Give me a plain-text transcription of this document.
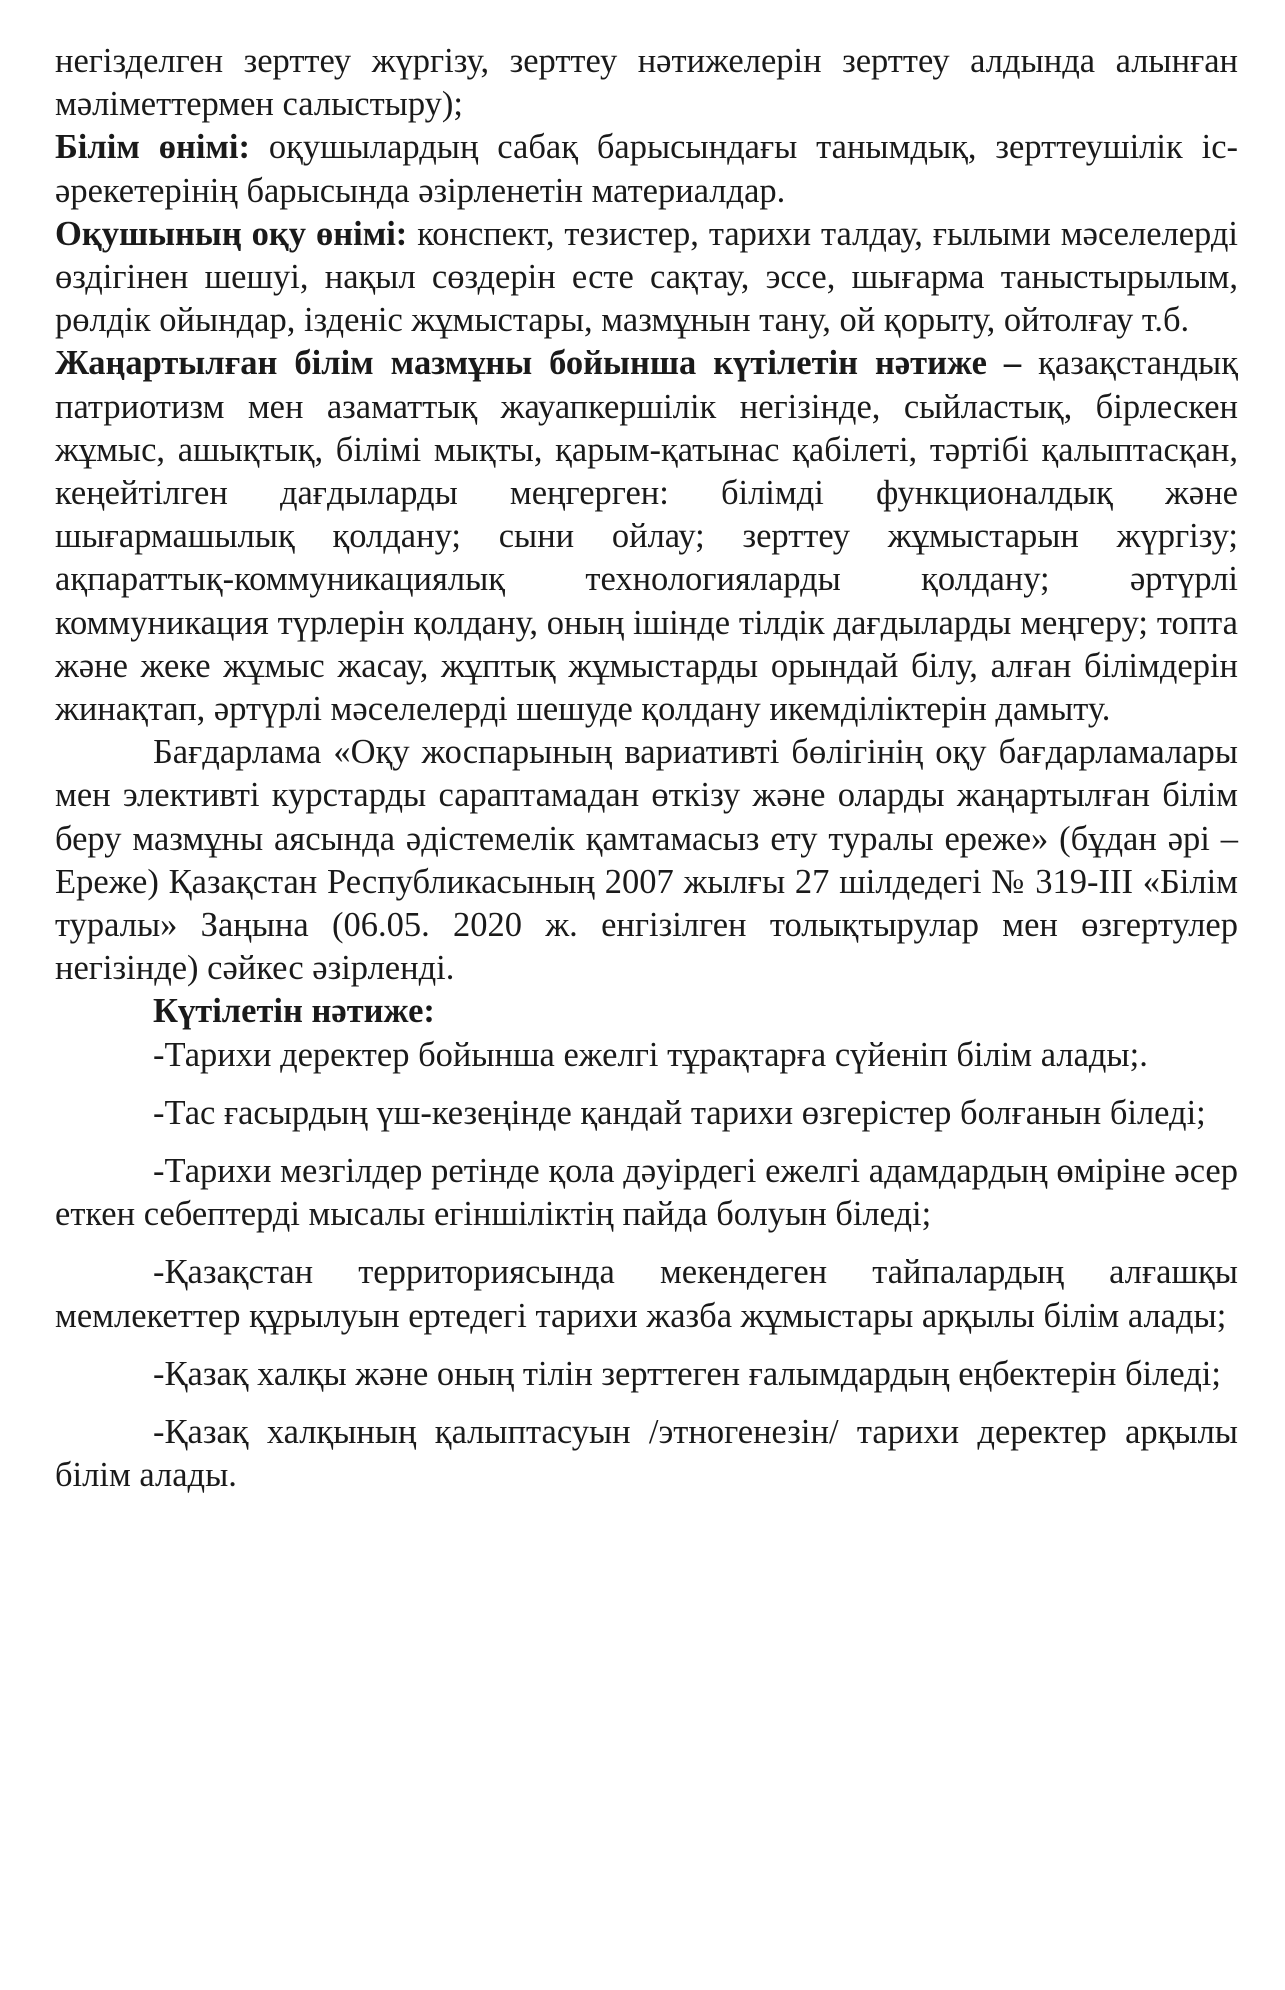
негізделген зерттеу жүргізу, зерттеу нәтижелерін зерттеу алдында алынған мәліметтермен салыстыру);

Білім өнімі: оқушылардың сабақ барысындағы танымдық, зерттеушілік іс-әрекетерінің барысында әзірленетін материалдар.

Оқушының оқу өнімі: конспект, тезистер, тарихи талдау, ғылыми мәселелерді өздігінен шешуі, нақыл сөздерін есте сақтау, эссе, шығарма таныстырылым, рөлдік ойындар, ізденіс жұмыстары, мазмұнын тану, ой қорыту, ойтолғау т.б.

Жаңартылған білім мазмұны бойынша күтілетін нәтиже – қазақстандық патриотизм мен азаматтық жауапкершілік негізінде, сыйластық, бірлескен жұмыс, ашықтық, білімі мықты, қарым-қатынас қабілеті, тәртібі қалыптасқан, кеңейтілген дағдыларды меңгерген: білімді функционалдық және шығармашылық қолдану; сыни ойлау; зерттеу жұмыстарын жүргізу; ақпараттық-коммуникациялық технологияларды қолдану; әртүрлі коммуникация түрлерін қолдану, оның ішінде тілдік дағдыларды меңгеру; топта және жеке жұмыс жасау, жұптық жұмыстарды орындай білу, алған білімдерін жинақтап, әртүрлі мәселелерді шешуде қолдану икемділіктерін дамыту.

Бағдарлама «Оқу жоспарының вариативті бөлігінің оқу бағдарламалары мен элективті курстарды сараптамадан өткізу және оларды жаңартылған білім беру мазмұны аясында әдістемелік қамтамасыз ету туралы ереже» (бұдан әрі – Ереже) Қазақстан Республикасының 2007 жылғы 27 шілдедегі № 319-ІІІ «Білім туралы» Заңына (06.05. 2020 ж. енгізілген толықтырулар мен өзгертулер негізінде) сәйкес әзірленді.

Күтілетін нәтиже:

-Тарихи деректер бойынша ежелгі тұрақтарға сүйеніп білім алады;.

-Тас ғасырдың үш-кезеңінде қандай тарихи өзгерістер болғанын біледі;

-Тарихи мезгілдер ретінде қола дәуірдегі ежелгі адамдардың өміріне әсер еткен себептерді мысалы егіншіліктің пайда болуын біледі;

-Қазақстан территориясында мекендеген тайпалардың алғашқы мемлекеттер құрылуын ертедегі тарихи жазба жұмыстары арқылы білім алады;

-Қазақ халқы және оның тілін зерттеген ғалымдардың еңбектерін біледі;

-Қазақ халқының қалыптасуын /этногенезін/ тарихи деректер арқылы білім алады.
